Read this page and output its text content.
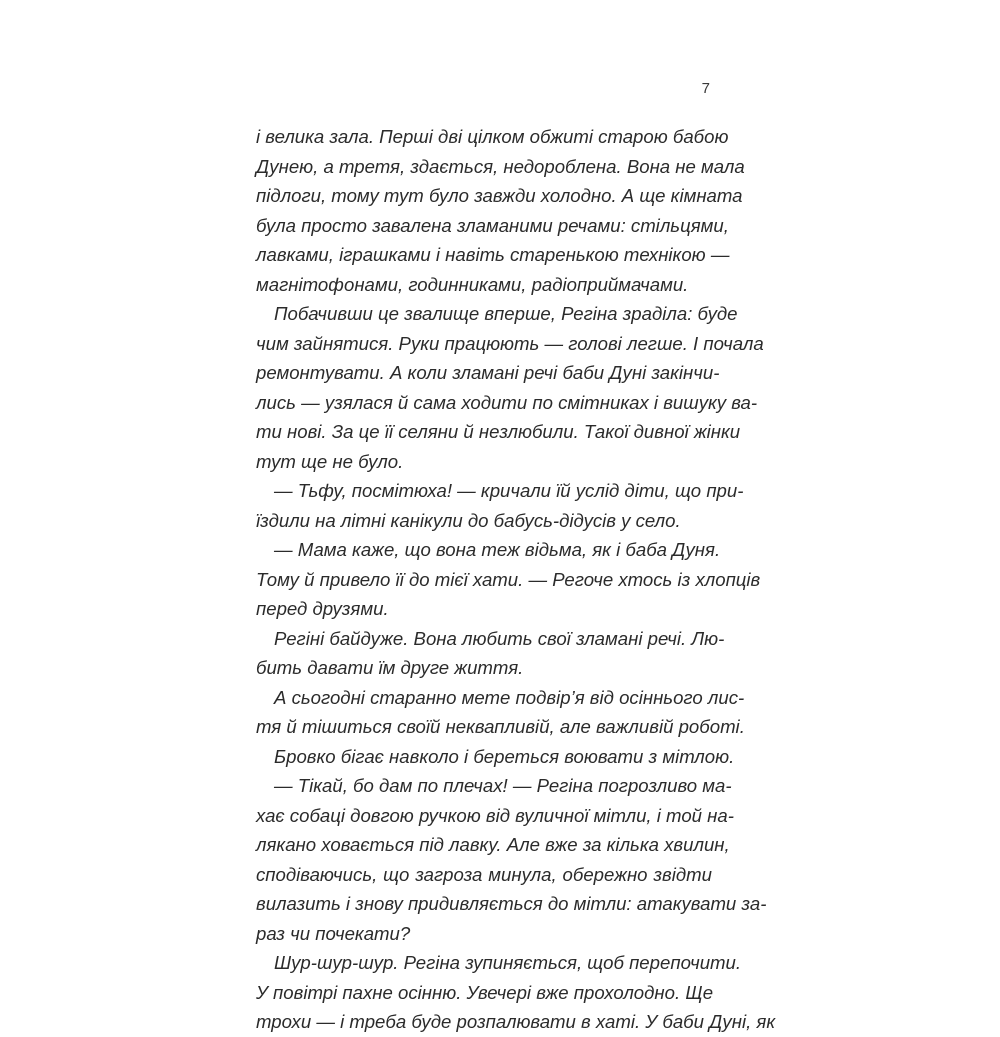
7
і велика зала. Перші дві цілком обжиті старою бабою
Дунею, а третя, здається, недоробленa. Вона не мала
підлоги, тому тут було завжди холодно. А ще кімната
була просто завалена зламаними речами: стільцями,
лавками, іграшками і навіть старенькою технікою —
магнітофонами, годинниками, радіоприймачами.
Побачивши це звалище вперше, Регіна зраділа: буде
чим зайнятися. Руки працюють — голові легше. І почала
ремонтувати. А коли зламані речі баби Дуні закінчи-
лись — узялася й сама ходити по смітниках і вишуку ва-
ти нові. За це її селяни й незлюбили. Такої дивної жінки
тут ще не було.
— Тьфу, посмітюха! — кричали їй услід діти, що при-
їздили на літні канікули до бабусь-дідусів у село.
— Мама каже, що вона теж відьма, як і баба Дуня.
Тому й привело її до тієї хати. — Регоче хтось із хлопців
перед друзями.
Регіні байдуже. Вона любить свої зламані речі. Лю-
бить давати їм друге життя.
А сьогодні старанно мете подвір’я від осіннього лис-
тя й тішиться своїй неквапливій, але важливій роботі.
Бровко бігає навколо і береться воювати з мітлою.
— Тікай, бо дам по плечах! — Регіна погрозливо ма-
хає собаці довгою ручкою від вуличної мітли, і той на-
лякано ховається під лавку. Але вже за кілька хвилин,
сподіваючись, що загроза минула, обережно звідти
вилазить і знову придивляється до мітли: атакувати за-
раз чи почекати?
Шур-шур-шур. Регіна зупиняється, щоб перепочити.
У повітрі пахне осінню. Увечері вже прохолодно. Ще
трохи — і треба буде розпалювати в хаті. У баби Дуні, як
